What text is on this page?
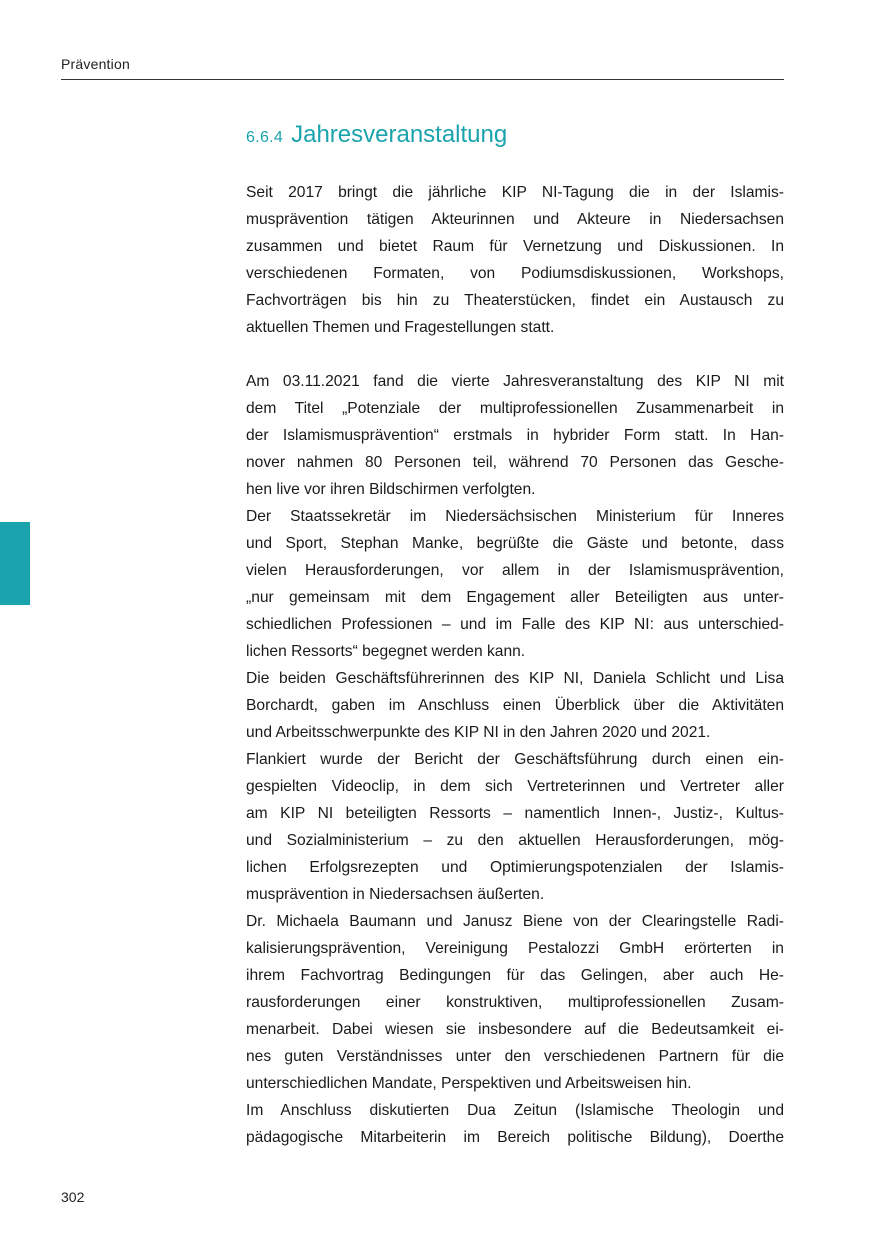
Prävention
6.6.4 Jahresveranstaltung
Seit 2017 bringt die jährliche KIP NI-Tagung die in der Islamis-
musprävention tätigen Akteurinnen und Akteure in Niedersachsen
zusammen und bietet Raum für Vernetzung und Diskussionen. In
verschiedenen Formaten, von Podiumsdiskussionen, Workshops,
Fachvorträgen bis hin zu Theaterstücken, findet ein Austausch zu
aktuellen Themen und Fragestellungen statt.
Am 03.11.2021 fand die vierte Jahresveranstaltung des KIP NI mit
dem Titel „Potenziale der multiprofessionellen Zusammenarbeit in
der Islamismusprävention“ erstmals in hybrider Form statt. In Han-
nover nahmen 80 Personen teil, während 70 Personen das Gesche-
hen live vor ihren Bildschirmen verfolgten.
Der Staatssekretär im Niedersächsischen Ministerium für Inneres
und Sport, Stephan Manke, begrüßte die Gäste und betonte, dass
vielen Herausforderungen, vor allem in der Islamismusprävention,
„nur gemeinsam mit dem Engagement aller Beteiligten aus unter-
schiedlichen Professionen – und im Falle des KIP NI: aus unterschied-
lichen Ressorts“ begegnet werden kann.
Die beiden Geschäftsführerinnen des KIP NI, Daniela Schlicht und Lisa
Borchardt, gaben im Anschluss einen Überblick über die Aktivitäten
und Arbeitsschwerpunkte des KIP NI in den Jahren 2020 und 2021.
Flankiert wurde der Bericht der Geschäftsführung durch einen ein-
gespielten Videoclip, in dem sich Vertreterinnen und Vertreter aller
am KIP NI beteiligten Ressorts – namentlich Innen-, Justiz-, Kultus-
und Sozialministerium – zu den aktuellen Herausforderungen, mög-
lichen Erfolgsrezepten und Optimierungspotenzialen der Islamis-
musprävention in Niedersachsen äußerten.
Dr. Michaela Baumann und Janusz Biene von der Clearingstelle Radi-
kalisierungsprävention, Vereinigung Pestalozzi GmbH erörterten in
ihrem Fachvortrag Bedingungen für das Gelingen, aber auch He-
rausforderungen einer konstruktiven, multiprofessionellen Zusam-
menarbeit. Dabei wiesen sie insbesondere auf die Bedeutsamkeit ei-
nes guten Verständnisses unter den verschiedenen Partnern für die
unterschiedlichen Mandate, Perspektiven und Arbeitsweisen hin.
Im Anschluss diskutierten Dua Zeitun (Islamische Theologin und
pädagogische Mitarbeiterin im Bereich politische Bildung), Doerthe
302
